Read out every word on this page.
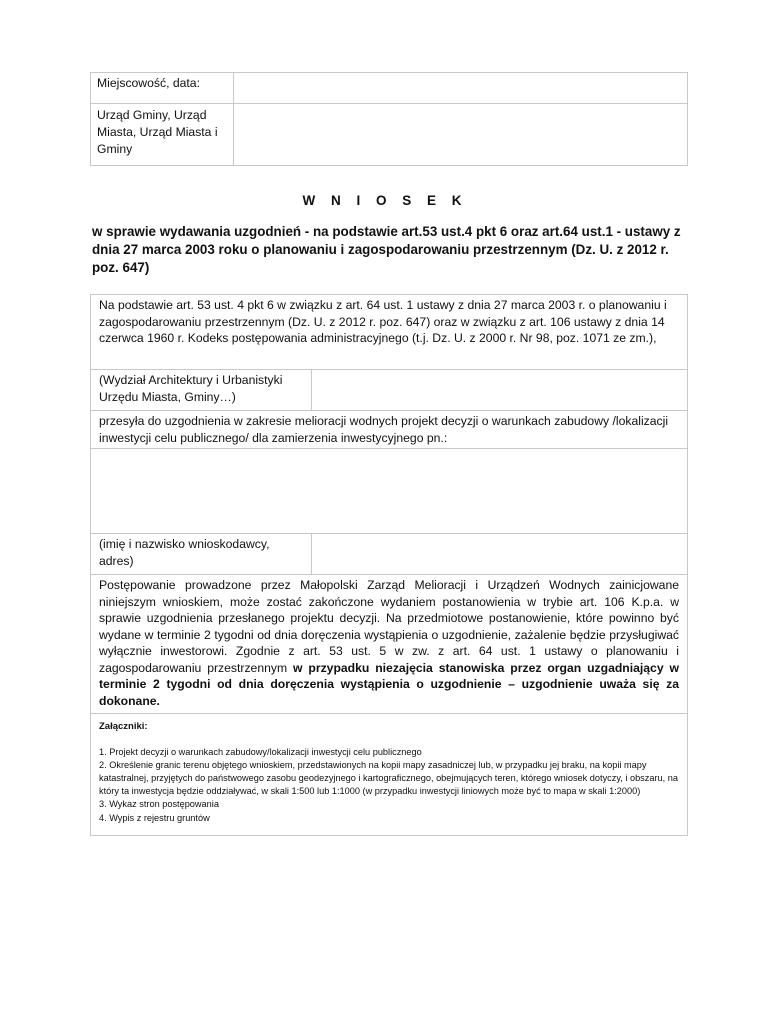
Miejscowość, data:	
Urząd Gminy, Urząd Miasta, Urząd Miasta i Gminy	
W N I O S E K
w sprawie wydawania uzgodnień - na podstawie art.53 ust.4 pkt 6 oraz art.64 ust.1 - ustawy z dnia 27 marca 2003 roku o planowaniu i zagospodarowaniu przestrzennym (Dz. U. z 2012 r. poz. 647)
Na podstawie art. 53 ust. 4 pkt 6 w związku z art. 64 ust. 1 ustawy z dnia 27 marca 2003 r. o planowaniu i zagospodarowaniu przestrzennym (Dz. U. z 2012 r. poz. 647) oraz w związku z art. 106 ustawy z dnia 14 czerwca 1960 r. Kodeks postępowania administracyjnego (t.j. Dz. U. z 2000 r. Nr 98, poz. 1071 ze zm.),	
(Wydział Architektury i Urbanistyki Urzędu Miasta, Gminy…)	
przesyła do uzgodnienia w zakresie melioracji wodnych projekt decyzji o warunkach zabudowy /lokalizacji inwestycji celu publicznego/ dla zamierzenia inwestycyjnego pn.:	

(imię i nazwisko wnioskodawcy, adres)	
Postępowanie prowadzone przez Małopolski Zarząd Melioracji i Urządzeń Wodnych zainicjowane niniejszym wnioskiem, może zostać zakończone wydaniem postanowienia w trybie art. 106 K.p.a. w sprawie uzgodnienia przesłanego projektu decyzji. Na przedmiotowe postanowienie, które powinno być wydane w terminie 2 tygodni od dnia doręczenia wystąpienia o uzgodnienie, zażalenie będzie przysługiwać wyłącznie inwestorowi. Zgodnie z art. 53 ust. 5 w zw. z art. 64 ust. 1 ustawy o planowaniu i zagospodarowaniu przestrzennym w przypadku niezajęcia stanowiska przez organ uzgadniający w terminie 2 tygodni od dnia doręczenia wystąpienia o uzgodnienie – uzgodnienie uważa się za dokonane.	

Załączniki:

1. Projekt decyzji o warunkach zabudowy/lokalizacji inwestycji celu publicznego

2. Określenie granic terenu objętego wnioskiem, przedstawionych na kopii mapy zasadniczej lub, w przypadku jej braku, na kopii mapy katastralnej, przyjętych do państwowego zasobu geodezyjnego i kartograficznego, obejmujących teren, którego wniosek dotyczy, i obszaru, na który ta inwestycja będzie oddziaływać, w skali 1:500 lub 1:1000 (w przypadku inwestycji liniowych może być to mapa w skali 1:2000)

3. Wykaz stron postępowania

4. Wypis z rejestru gruntów	
